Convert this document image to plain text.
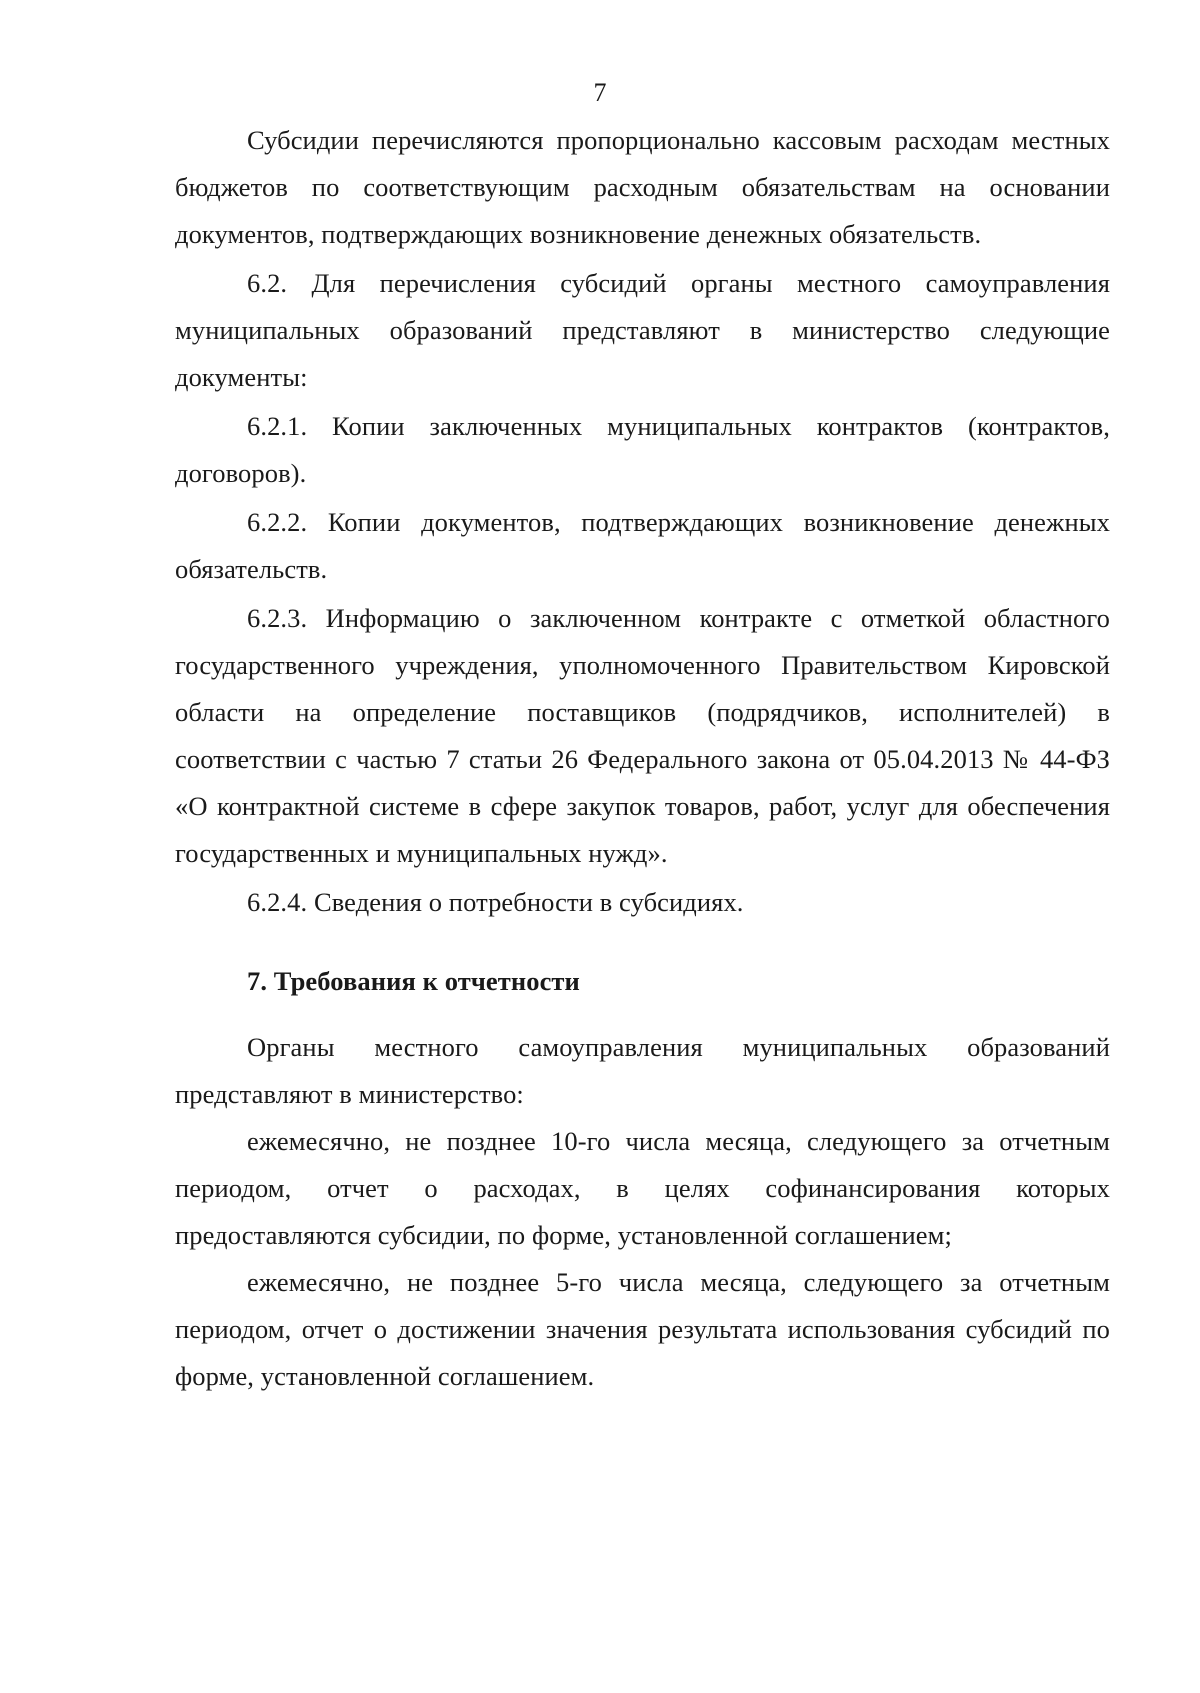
7

Субсидии перечисляются пропорционально кассовым расходам местных бюджетов по соответствующим расходным обязательствам на основании документов, подтверждающих возникновение денежных обязательств.

6.2. Для перечисления субсидий органы местного самоуправления муниципальных образований представляют в министерство следующие документы:

6.2.1. Копии заключенных муниципальных контрактов (контрактов, договоров).

6.2.2. Копии документов, подтверждающих возникновение денежных обязательств.

6.2.3. Информацию о заключенном контракте с отметкой областного государственного учреждения, уполномоченного Правительством Кировской области на определение поставщиков (подрядчиков, исполнителей) в соответствии с частью 7 статьи 26 Федерального закона от 05.04.2013 № 44-ФЗ «О контрактной системе в сфере закупок товаров, работ, услуг для обеспечения государственных и муниципальных нужд».

6.2.4. Сведения о потребности в субсидиях.

7. Требования к отчетности

Органы местного самоуправления муниципальных образований представляют в министерство:

ежемесячно, не позднее 10-го числа месяца, следующего за отчетным периодом, отчет о расходах, в целях софинансирования которых предоставляются субсидии, по форме, установленной соглашением;

ежемесячно, не позднее 5-го числа месяца, следующего за отчетным периодом, отчет о достижении значения результата использования субсидий по форме, установленной соглашением.
